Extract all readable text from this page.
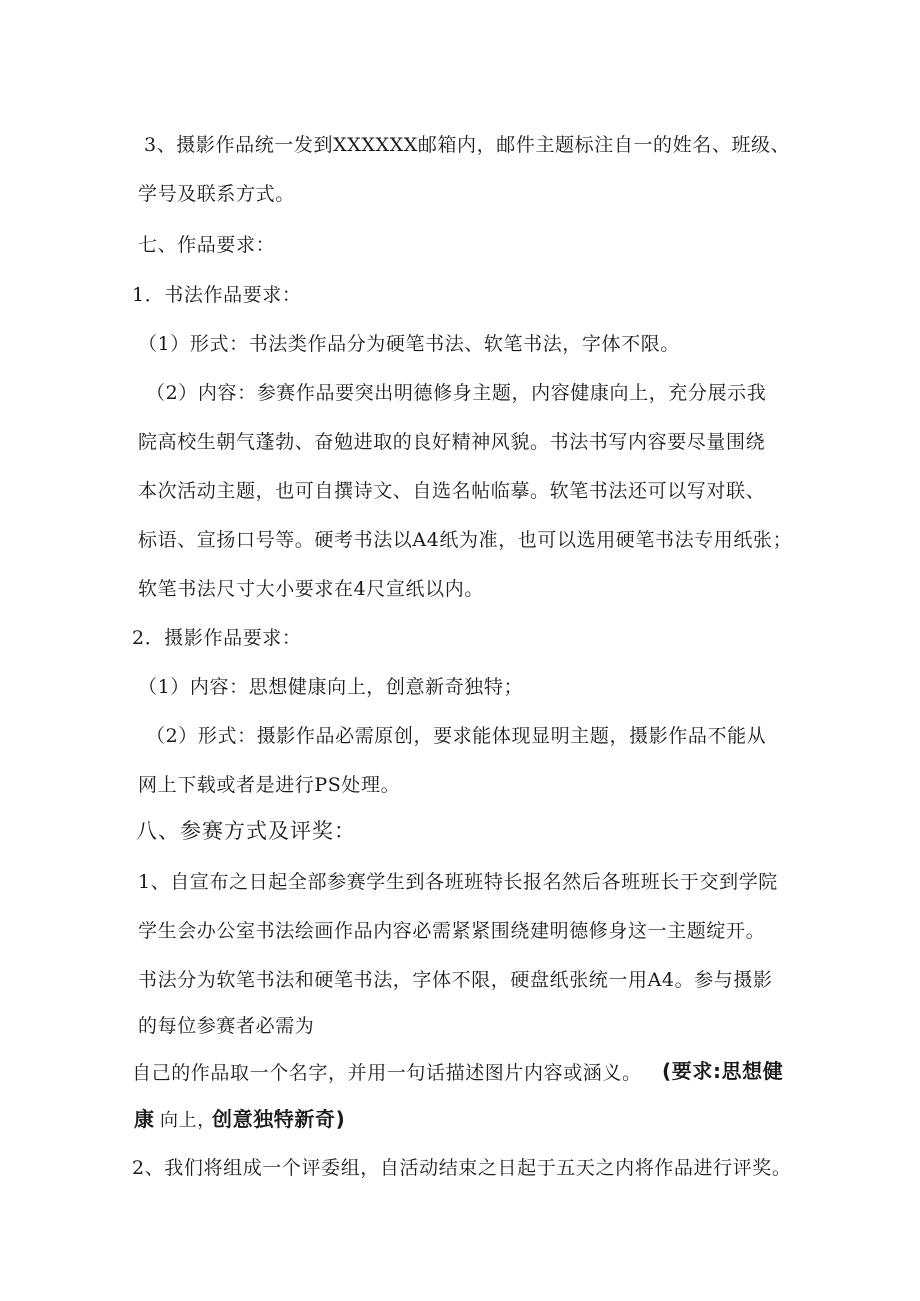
3、摄影作品统一发到XXXXXX邮箱内，邮件主题标注自一的姓名、班级、
学号及联系方式。
七、作品要求：
1．书法作品要求：
（1）形式：书法类作品分为硬笔书法、软笔书法，字体不限。
（2）内容：参赛作品要突出明德修身主题，内容健康向上，充分展示我
院高校生朝气蓬勃、奋勉进取的良好精神风貌。书法书写内容要尽量围绕
本次活动主题，也可自撰诗文、自选名帖临摹。软笔书法还可以写对联、
标语、宣扬口号等。硬考书法以A4纸为准，也可以选用硬笔书法专用纸张；
软笔书法尺寸大小要求在4尺宣纸以内。
2．摄影作品要求：
（1）内容：思想健康向上，创意新奇独特；
（2）形式：摄影作品必需原创，要求能体现显明主题，摄影作品不能从
网上下载或者是进行PS处理。
八、参赛方式及评奖：
1、自宣布之日起全部参赛学生到各班班特长报名然后各班班长于交到学院
学生会办公室书法绘画作品内容必需紧紧围绕建明德修身这一主题绽开。
书法分为软笔书法和硬笔书法，字体不限，硬盘纸张统一用A4。参与摄影
的每位参赛者必需为
自己的作品取一个名字，并用一句话描述图片内容或涵义。 (要求:思想健
康 向上，
创意独特新奇)
2、我们将组成一个评委组，自活动结束之日起于五天之内将作品进行评奖。
